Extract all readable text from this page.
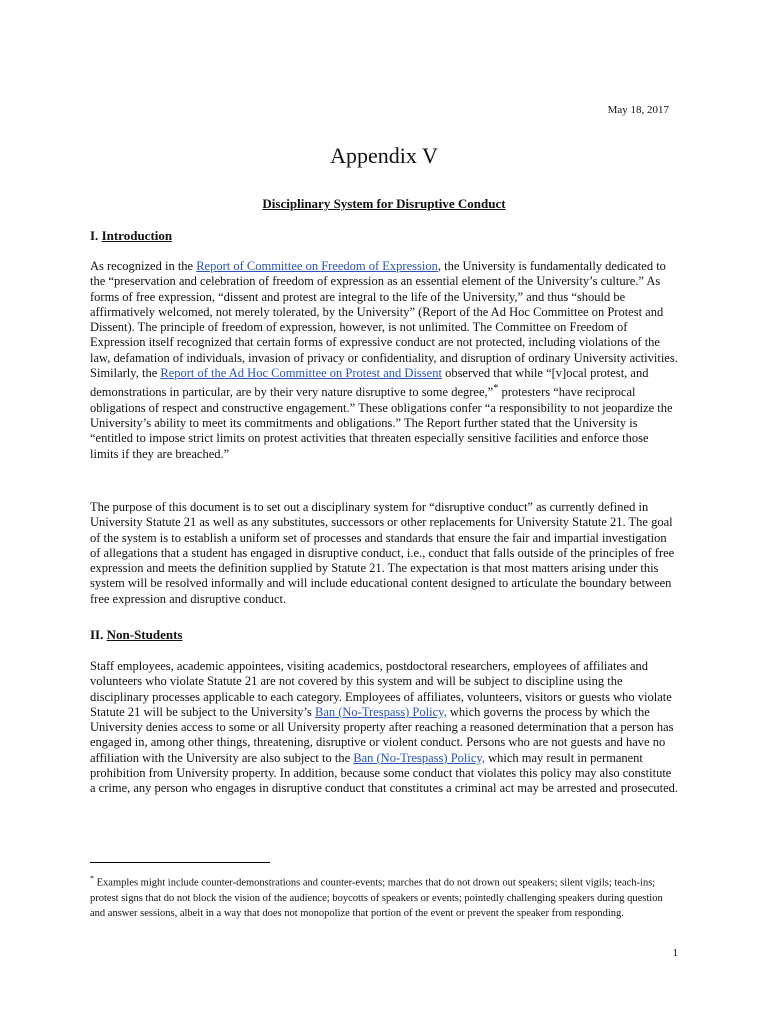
May 18, 2017
Appendix V
Disciplinary System for Disruptive Conduct
I. Introduction

As recognized in the Report of Committee on Freedom of Expression, the University is fundamentally dedicated to the “preservation and celebration of freedom of expression as an essential element of the University’s culture.” As forms of free expression, “dissent and protest are integral to the life of the University,” and thus “should be affirmatively welcomed, not merely tolerated, by the University” (Report of the Ad Hoc Committee on Protest and Dissent). The principle of freedom of expression, however, is not unlimited. The Committee on Freedom of Expression itself recognized that certain forms of expressive conduct are not protected, including violations of the law, defamation of individuals, invasion of privacy or confidentiality, and disruption of ordinary University activities. Similarly, the Report of the Ad Hoc Committee on Protest and Dissent observed that while “[v]ocal protest, and demonstrations in particular, are by their very nature disruptive to some degree,”* protesters “have reciprocal obligations of respect and constructive engagement.” These obligations confer “a responsibility to not jeopardize the University’s ability to meet its commitments and obligations.” The Report further stated that the University is “entitled to impose strict limits on protest activities that threaten especially sensitive facilities and enforce those limits if they are breached.”

The purpose of this document is to set out a disciplinary system for “disruptive conduct” as currently defined in University Statute 21 as well as any substitutes, successors or other replacements for University Statute 21. The goal of the system is to establish a uniform set of processes and standards that ensure the fair and impartial investigation of allegations that a student has engaged in disruptive conduct, i.e., conduct that falls outside of the principles of free expression and meets the definition supplied by Statute 21. The expectation is that most matters arising under this system will be resolved informally and will include educational content designed to articulate the boundary between free expression and disruptive conduct.

II. Non-Students

Staff employees, academic appointees, visiting academics, postdoctoral researchers, employees of affiliates and volunteers who violate Statute 21 are not covered by this system and will be subject to discipline using the disciplinary processes applicable to each category. Employees of affiliates, volunteers, visitors or guests who violate Statute 21 will be subject to the University’s Ban (No-Trespass) Policy, which governs the process by which the University denies access to some or all University property after reaching a reasoned determination that a person has engaged in, among other things, threatening, disruptive or violent conduct. Persons who are not guests and have no affiliation with the University are also subject to the Ban (No-Trespass) Policy, which may result in permanent prohibition from University property. In addition, because some conduct that violates this policy may also constitute a crime, any person who engages in disruptive conduct that constitutes a criminal act may be arrested and prosecuted.

* Examples might include counter-demonstrations and counter-events; marches that do not drown out speakers; silent vigils; teach-ins; protest signs that do not block the vision of the audience; boycotts of speakers or events; pointedly challenging speakers during question and answer sessions, albeit in a way that does not monopolize that portion of the event or prevent the speaker from responding.
1
